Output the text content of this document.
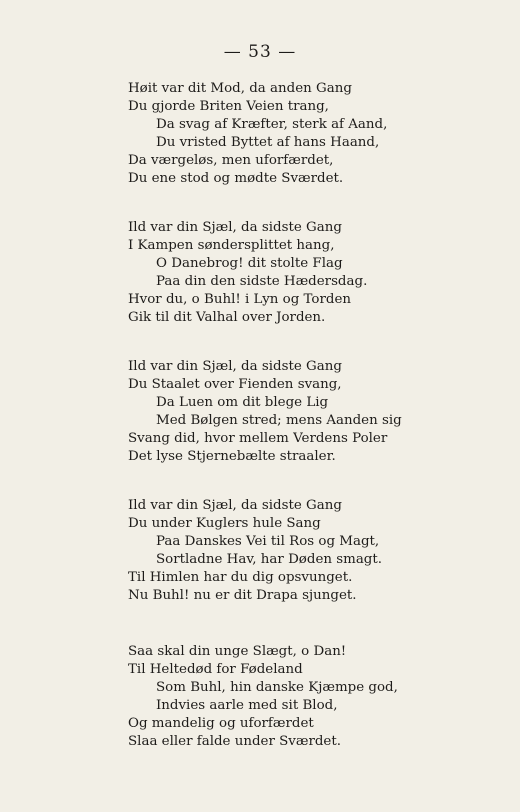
— 53 —
Høit var dit Mod, da anden Gang
Du gjorde Briten Veien trang,
Da svag af Kræfter, sterk af Aand,
Du vristed Byttet af hans Haand,
Da værgeløs, men uforfærdet,
Du ene stod og mødte Sværdet.
Ild var din Sjæl, da sidste Gang
I Kampen søndersplittet hang,
O Danebrog! dit stolte Flag
Paa din den sidste Hædersdag.
Hvor du, o Buhl! i Lyn og Torden
Gik til dit Valhal over Jorden.
Ild var din Sjæl, da sidste Gang
Du Staalet over Fienden svang,
Da Luen om dit blege Lig
Med Bølgen stred; mens Aanden sig
Svang did, hvor mellem Verdens Poler
Det lyse Stjernebælte straaler.
Ild var din Sjæl, da sidste Gang
Du under Kuglers hule Sang
Paa Danskes Vei til Ros og Magt,
Sortladne Hav, har Døden smagt.
Til Himlen har du dig opsvunget.
Nu Buhl! nu er dit Drapa sjunget.
Saa skal din unge Slægt, o Dan!
Til Heltedød for Fødeland
Som Buhl, hin danske Kjæmpe god,
Indvies aarle med sit Blod,
Og mandelig og uforfærdet
Slaa eller falde under Sværdet.
